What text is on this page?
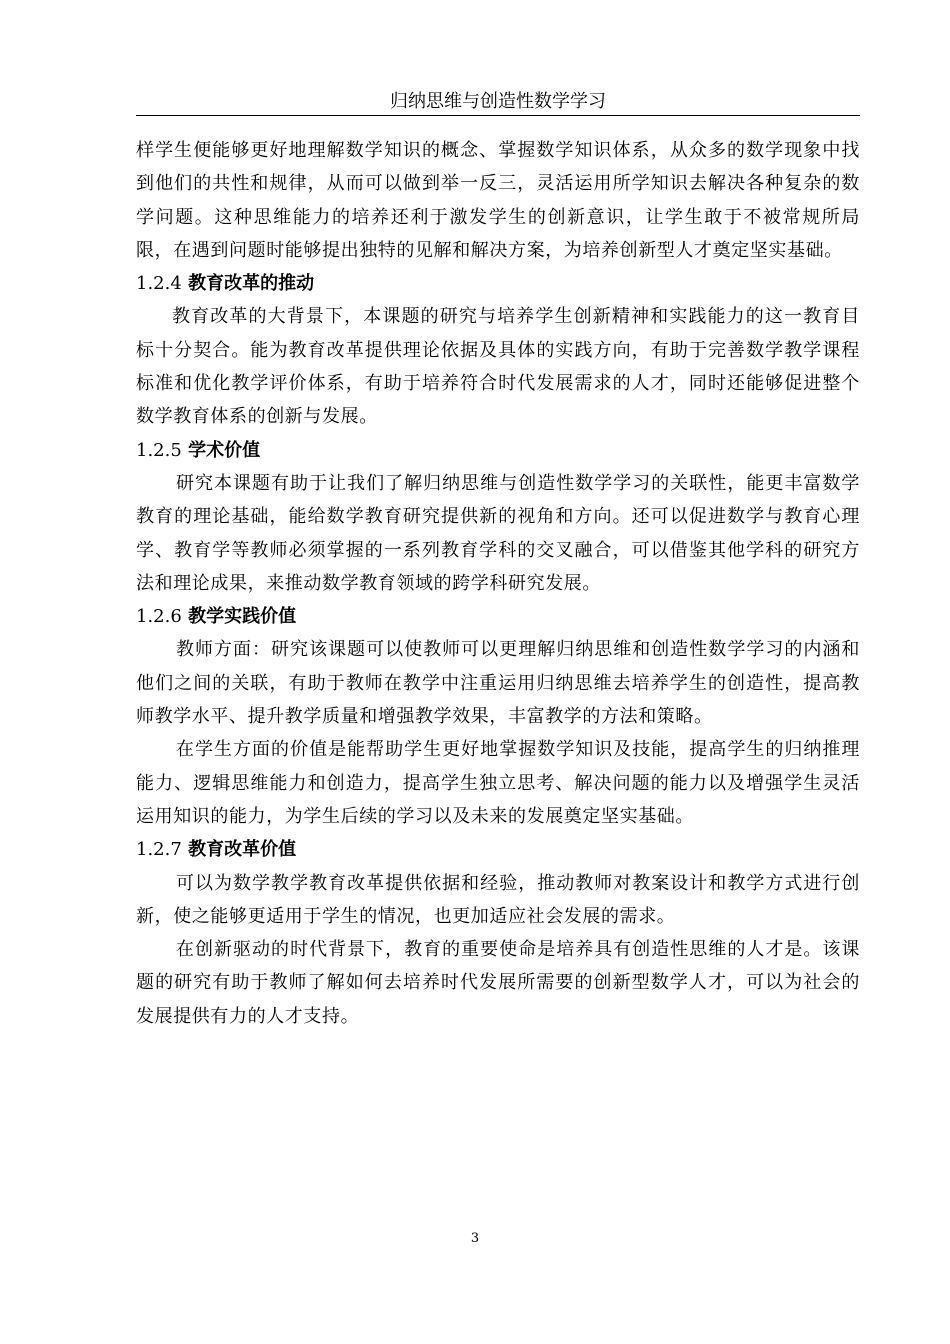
归纳思维与创造性数学学习

样学生便能够更好地理解数学知识的概念、掌握数学知识体系，从众多的数学现象中找到他们的共性和规律，从而可以做到举一反三，灵活运用所学知识去解决各种复杂的数学问题。这种思维能力的培养还利于激发学生的创新意识，让学生敢于不被常规所局限，在遇到问题时能够提出独特的见解和解决方案，为培养创新型人才奠定坚实基础。

1.2.4 教育改革的推动

教育改革的大背景下，本课题的研究与培养学生创新精神和实践能力的这一教育目标十分契合。能为教育改革提供理论依据及具体的实践方向，有助于完善数学教学课程标准和优化教学评价体系，有助于培养符合时代发展需求的人才，同时还能够促进整个数学教育体系的创新与发展。

1.2.5 学术价值

研究本课题有助于让我们了解归纳思维与创造性数学学习的关联性，能更丰富数学教育的理论基础，能给数学教育研究提供新的视角和方向。还可以促进数学与教育心理学、教育学等教师必须掌握的一系列教育学科的交叉融合，可以借鉴其他学科的研究方法和理论成果，来推动数学教育领域的跨学科研究发展。

1.2.6 教学实践价值

教师方面：研究该课题可以使教师可以更理解归纳思维和创造性数学学习的内涵和他们之间的关联，有助于教师在教学中注重运用归纳思维去培养学生的创造性，提高教师教学水平、提升教学质量和增强教学效果，丰富教学的方法和策略。

在学生方面的价值是能帮助学生更好地掌握数学知识及技能，提高学生的归纳推理能力、逻辑思维能力和创造力，提高学生独立思考、解决问题的能力以及增强学生灵活运用知识的能力，为学生后续的学习以及未来的发展奠定坚实基础。

1.2.7 教育改革价值

可以为数学教学教育改革提供依据和经验，推动教师对教案设计和教学方式进行创新，使之能够更适用于学生的情况，也更加适应社会发展的需求。

在创新驱动的时代背景下，教育的重要使命是培养具有创造性思维的人才是。该课题的研究有助于教师了解如何去培养时代发展所需要的创新型数学人才，可以为社会的发展提供有力的人才支持。

3
